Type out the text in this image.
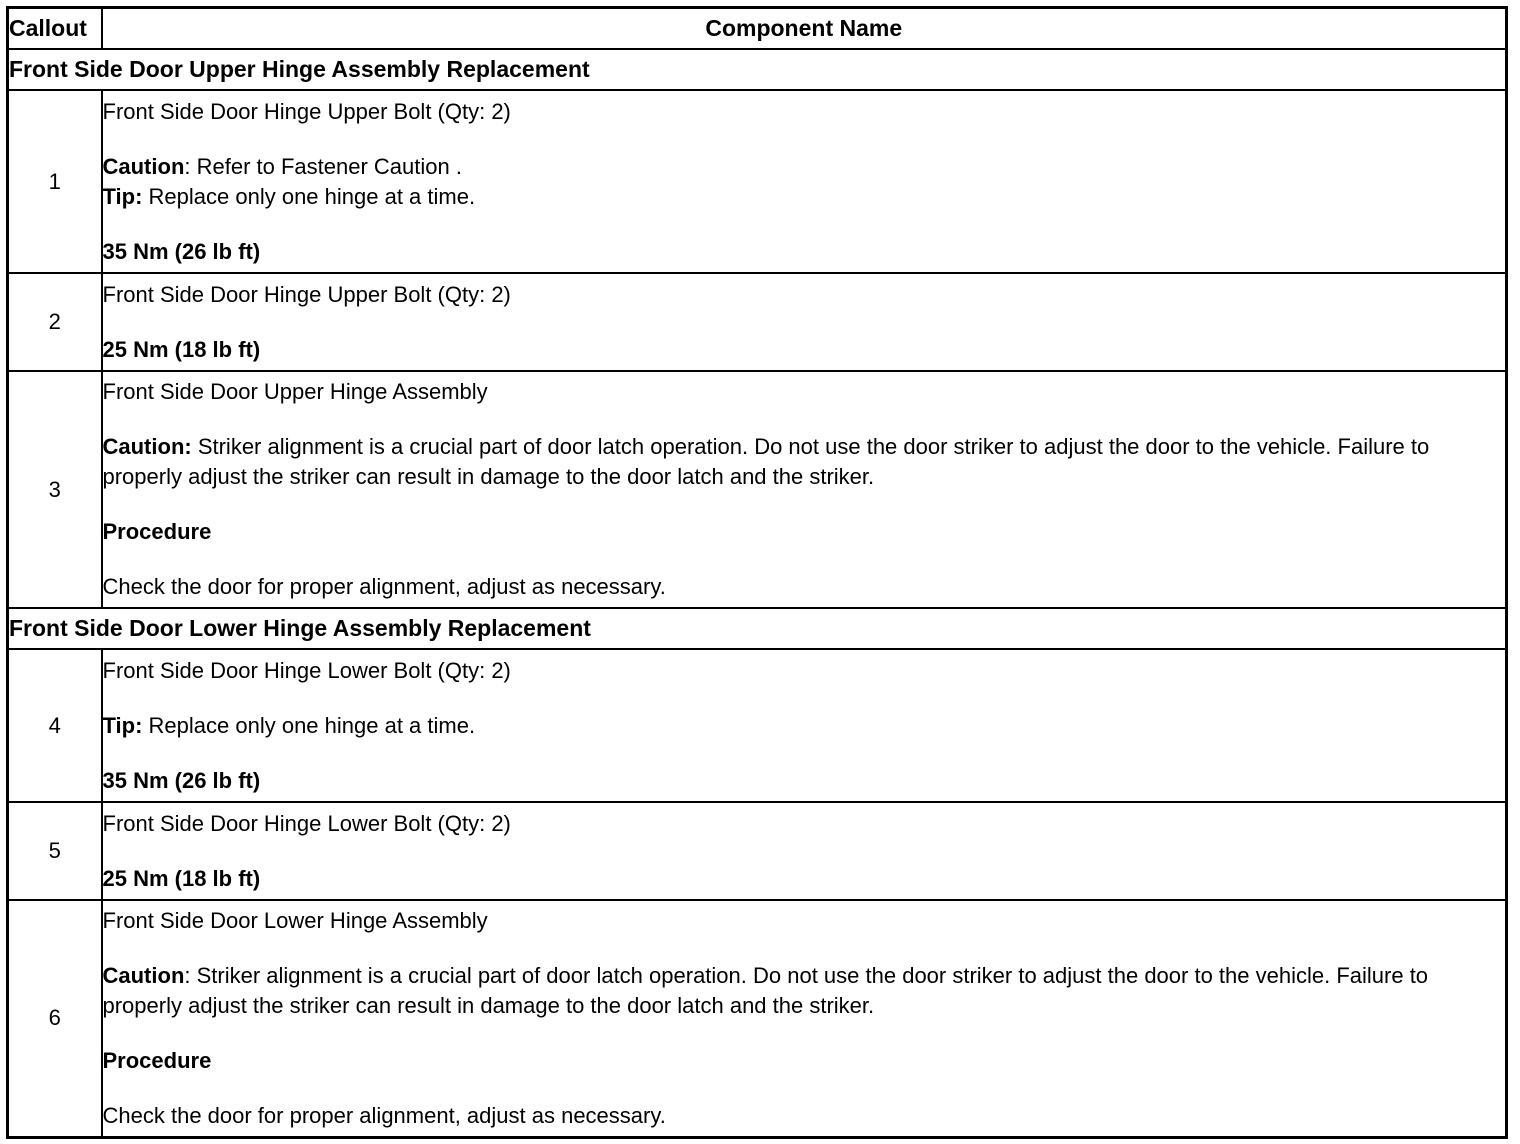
Callout	Component Name
Front Side Door Upper Hinge Assembly Replacement	
1	Front Side Door Hinge Upper Bolt (Qty: 2)

Caution: Refer to Fastener Caution .

Tip: Replace only one hinge at a time.

35 Nm (26 lb ft)

2	Front Side Door Hinge Upper Bolt (Qty: 2)

25 Nm (18 lb ft)

3	Front Side Door Upper Hinge Assembly

Caution: Striker alignment is a crucial part of door latch operation. Do not use the door striker to adjust the door to the vehicle. Failure to properly adjust the striker can result in damage to the door latch and the striker.

Procedure

Check the door for proper alignment, adjust as necessary.

Front Side Door Lower Hinge Assembly Replacement	
4	Front Side Door Hinge Lower Bolt (Qty: 2)

Tip: Replace only one hinge at a time.

35 Nm (26 lb ft)

5	Front Side Door Hinge Lower Bolt (Qty: 2)

25 Nm (18 lb ft)

6	Front Side Door Lower Hinge Assembly

Caution: Striker alignment is a crucial part of door latch operation. Do not use the door striker to adjust the door to the vehicle. Failure to properly adjust the striker can result in damage to the door latch and the striker.

Procedure

Check the door for proper alignment, adjust as necessary.
